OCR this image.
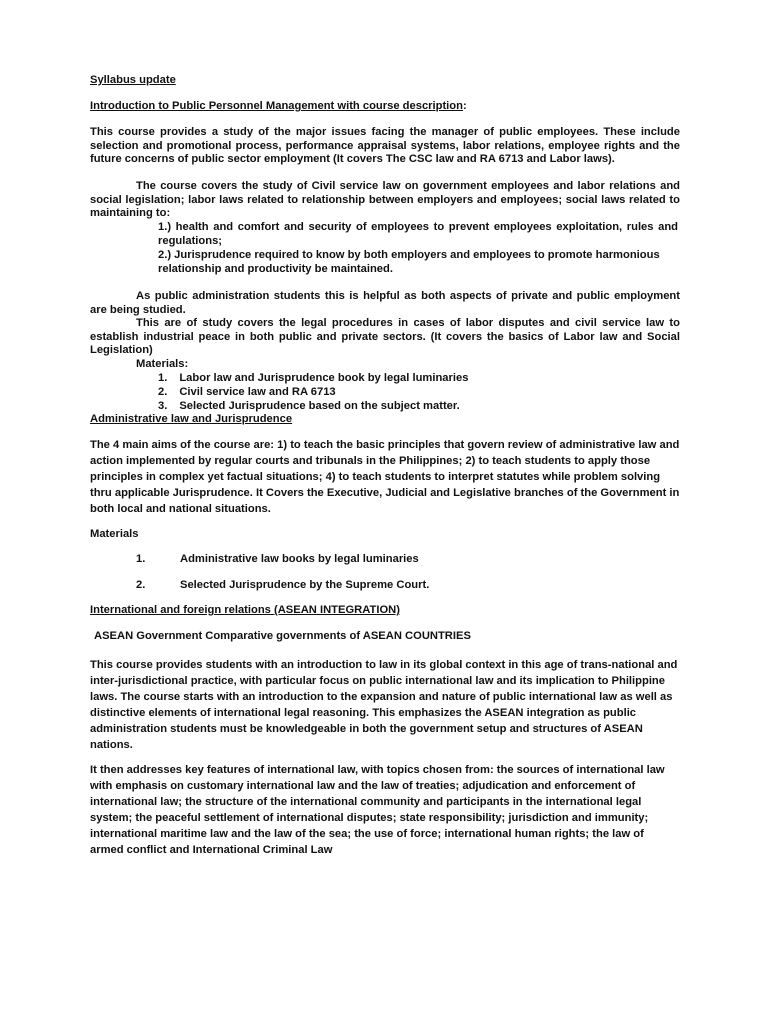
Syllabus update

Introduction to Public Personnel Management with course description:

This course provides a study of the major issues facing the manager of public employees. These include selection and promotional process, performance appraisal systems, labor relations, employee rights and the future concerns of public sector employment (It covers The CSC law and RA 6713 and Labor laws).

The course covers the study of Civil service law on government employees and labor relations and social legislation; labor laws related to relationship between employers and employees; social laws related to maintaining to:

1.) health and comfort and security of employees to prevent employees exploitation, rules and regulations;

2.) Jurisprudence required to know by both employers and employees to promote harmonious relationship and productivity be maintained.

As public administration students this is helpful as both aspects of private and public employment are being studied.

This are of study covers the legal procedures in cases of labor disputes and civil service law to establish industrial peace in both public and private sectors. (It covers the basics of Labor law and Social Legislation)

Materials:

1. Labor law and Jurisprudence book by legal luminaries
2. Civil service law and RA 6713
3. Selected Jurisprudence based on the subject matter.

Administrative law and Jurisprudence

The 4 main aims of the course are: 1) to teach the basic principles that govern review of administrative law and action implemented by regular courts and tribunals in the Philippines; 2) to teach students to apply those principles in complex yet factual situations; 4) to teach students to interpret statutes while problem solving thru applicable Jurisprudence. It Covers the Executive, Judicial and Legislative branches of the Government in both local and national situations.

Materials

1.	Administrative law books by legal luminaries
2.	Selected Jurisprudence by the Supreme Court.

International and foreign relations (ASEAN INTEGRATION)

ASEAN Government Comparative governments of ASEAN COUNTRIES

This course provides students with an introduction to law in its global context in this age of trans-national and inter-jurisdictional practice, with particular focus on public international law and its implication to Philippine laws. The course starts with an introduction to the expansion and nature of public international law as well as distinctive elements of international legal reasoning. This emphasizes the ASEAN integration as public administration students must be knowledgeable in both the government setup and structures of ASEAN nations.

It then addresses key features of international law, with topics chosen from: the sources of international law with emphasis on customary international law and the law of treaties; adjudication and enforcement of international law; the structure of the international community and participants in the international legal system; the peaceful settlement of international disputes; state responsibility; jurisdiction and immunity; international maritime law and the law of the sea; the use of force; international human rights; the law of armed conflict and International Criminal Law
